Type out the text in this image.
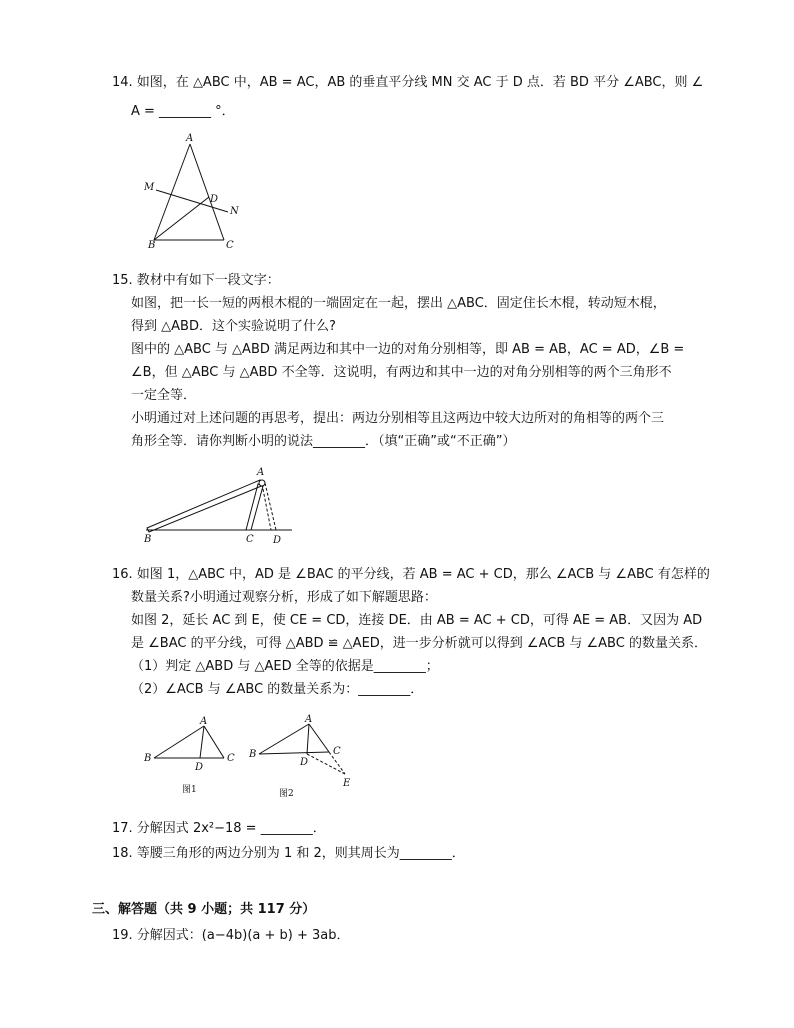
14. 如图，在 △ABC 中，AB = AC，AB 的垂直平分线 MN 交 AC 于 D 点．若 BD 平分 ∠ABC，则 ∠
A = ________ °．
A
M
D
N
B	C
15. 教材中有如下一段文字：
如图，把一长一短的两根木棍的一端固定在一起，摆出 △ABC．固定住长木棍，转动短木棍，
得到 △ABD．这个实验说明了什么?
图中的 △ABC 与 △ABD 满足两边和其中一边的对角分别相等，即 AB = AB，AC = AD，∠B =
∠B，但 △ABC 与 △ABD 不全等．这说明，有两边和其中一边的对角分别相等的两个三角形不
一定全等．
小明通过对上述问题的再思考，提出：两边分别相等且这两边中较大边所对的角相等的两个三
角形全等．请你判断小明的说法________．（填“正确”或“不正确”）
A
B	C D
16. 如图 1，△ABC 中，AD 是 ∠BAC 的平分线，若 AB = AC + CD，那么 ∠ACB 与 ∠ABC 有怎样的
数量关系?小明通过观察分析，形成了如下解题思路：
如图 2，延长 AC 到 E，使 CE = CD，连接 DE．由 AB = AC + CD，可得 AE = AB．又因为 AD
是 ∠BAC 的平分线，可得 △ABD ≌ △AED，进一步分析就可以得到 ∠ACB 与 ∠ABC 的数量关系．
（1）判定 △ABD 与 △AED 全等的依据是________；
（2）∠ACB 与 ∠ABC 的数量关系为：________．
A
B	C
D
图1
A
B	C
D
E
图2
17. 分解因式 2x²−18 = ________．
18. 等腰三角形的两边分别为 1 和 2，则其周长为________．
三、解答题（共 9 小题；共 117 分）
19. 分解因式：(a−4b)(a + b) + 3ab．
